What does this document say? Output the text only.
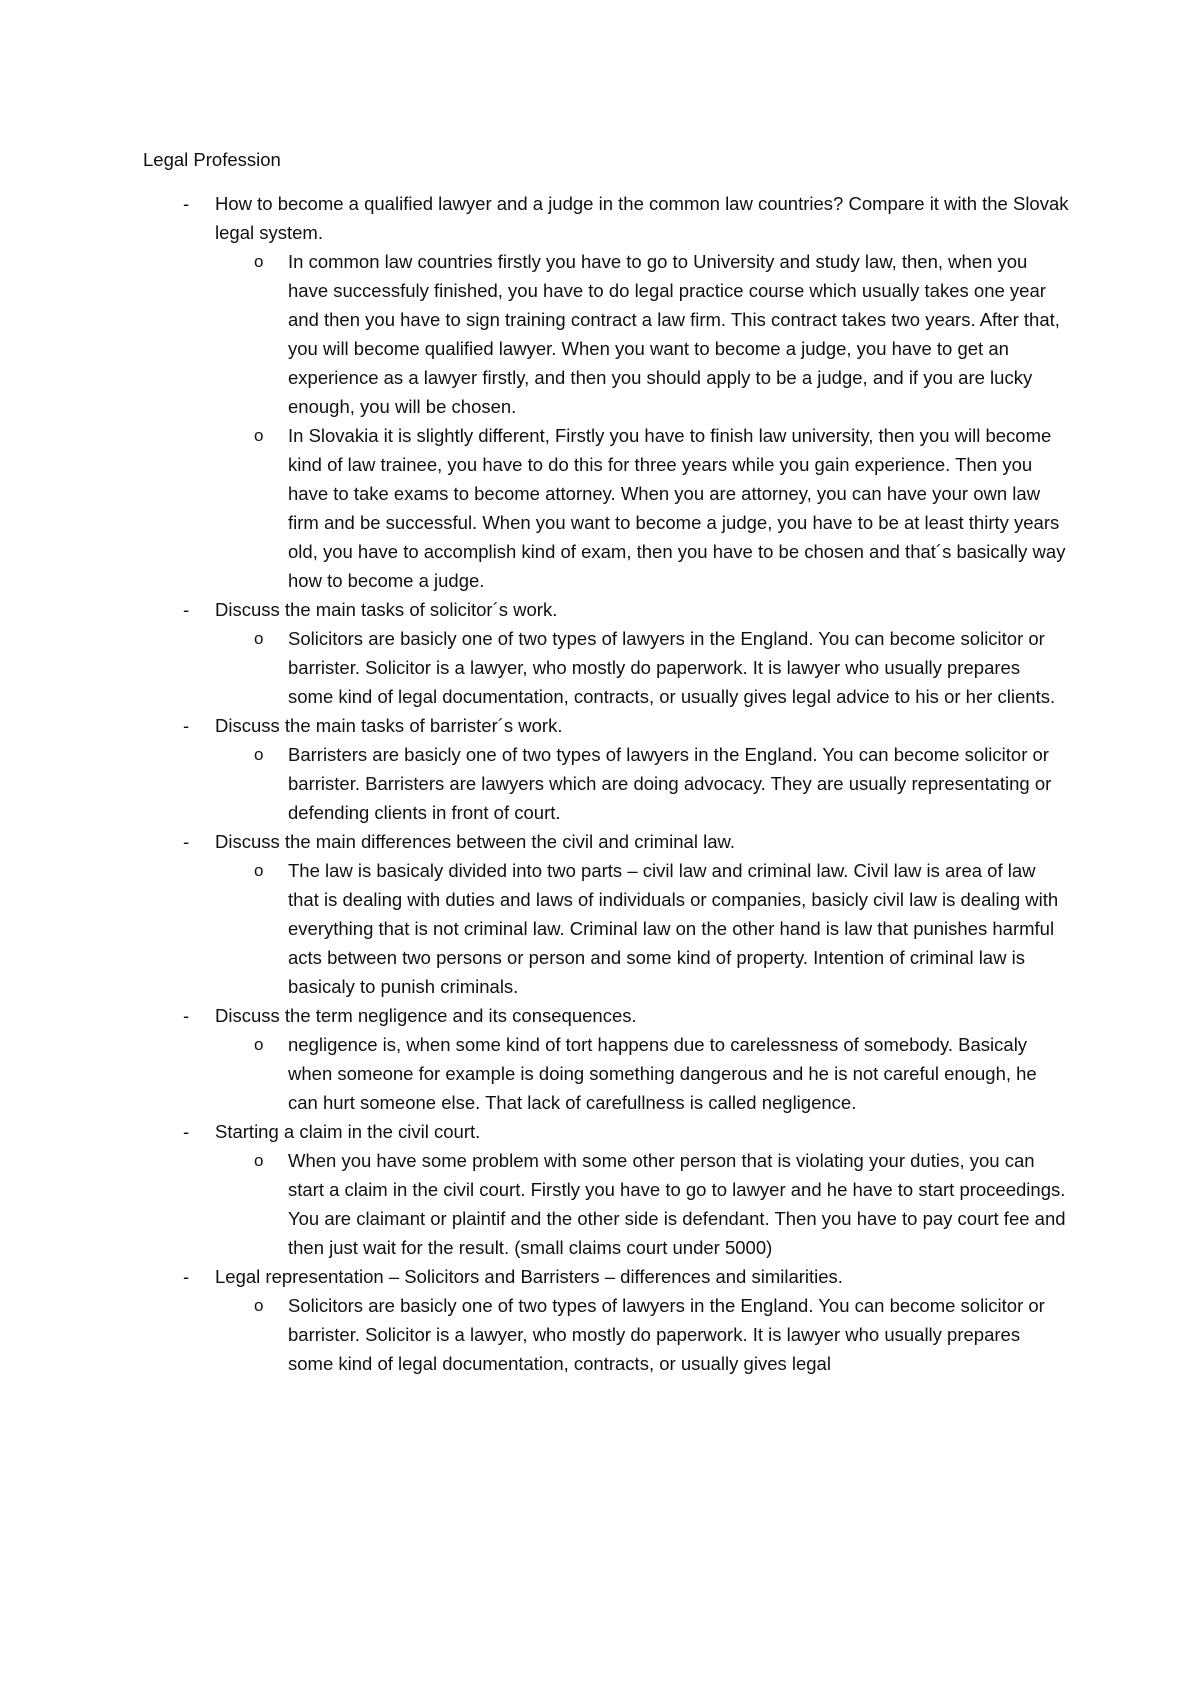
Legal Profession
- How to become a qualified lawyer and a judge in the common law countries? Compare it with the Slovak legal system.
o In common law countries firstly you have to go to University and study law, then, when you have successfuly finished, you have to do legal practice course which usually takes one year and then you have to sign training contract a law firm. This contract takes two years. After that, you will become qualified lawyer. When you want to become a judge, you have to get an experience as a lawyer firstly, and then you should apply to be a judge, and if you are lucky enough, you will be chosen.
o In Slovakia it is slightly different, Firstly you have to finish law university, then you will become kind of law trainee, you have to do this for three years while you gain experience. Then you have to take exams to become attorney. When you are attorney, you can have your own law firm and be successful. When you want to become a judge, you have to be at least thirty years old, you have to accomplish kind of exam, then you have to be chosen and that´s basically way how to become a judge.
- Discuss the main tasks of solicitor´s work.
o Solicitors are basicly one of two types of lawyers in the England. You can become solicitor or barrister. Solicitor is a lawyer, who mostly do paperwork. It is lawyer who usually prepares some kind of legal documentation, contracts, or usually gives legal advice to his or her clients.
- Discuss the main tasks of barrister´s work.
o Barristers are basicly one of two types of lawyers in the England. You can become solicitor or barrister. Barristers are lawyers which are doing advocacy. They are usually representating or defending clients in front of court.
- Discuss the main differences between the civil and criminal law.
o The law is basicaly divided into two parts – civil law and criminal law. Civil law is area of law that is dealing with duties and laws of individuals or companies, basicly civil law is dealing with everything that is not criminal law. Criminal law on the other hand is law that punishes harmful acts between two persons or person and some kind of property. Intention of criminal law is basicaly to punish criminals.
- Discuss the term negligence and its consequences.
o negligence is, when some kind of tort happens due to carelessness of somebody. Basicaly when someone for example is doing something dangerous and he is not careful enough, he can hurt someone else. That lack of carefullness is called negligence.
- Starting a claim in the civil court.
o When you have some problem with some other person that is violating your duties, you can start a claim in the civil court. Firstly you have to go to lawyer and he have to start proceedings. You are claimant or plaintif and the other side is defendant. Then you have to pay court fee and then just wait for the result. (small claims court under 5000)
- Legal representation – Solicitors and Barristers – differences and similarities.
o Solicitors are basicly one of two types of lawyers in the England. You can become solicitor or barrister. Solicitor is a lawyer, who mostly do paperwork. It is lawyer who usually prepares some kind of legal documentation, contracts, or usually gives legal
